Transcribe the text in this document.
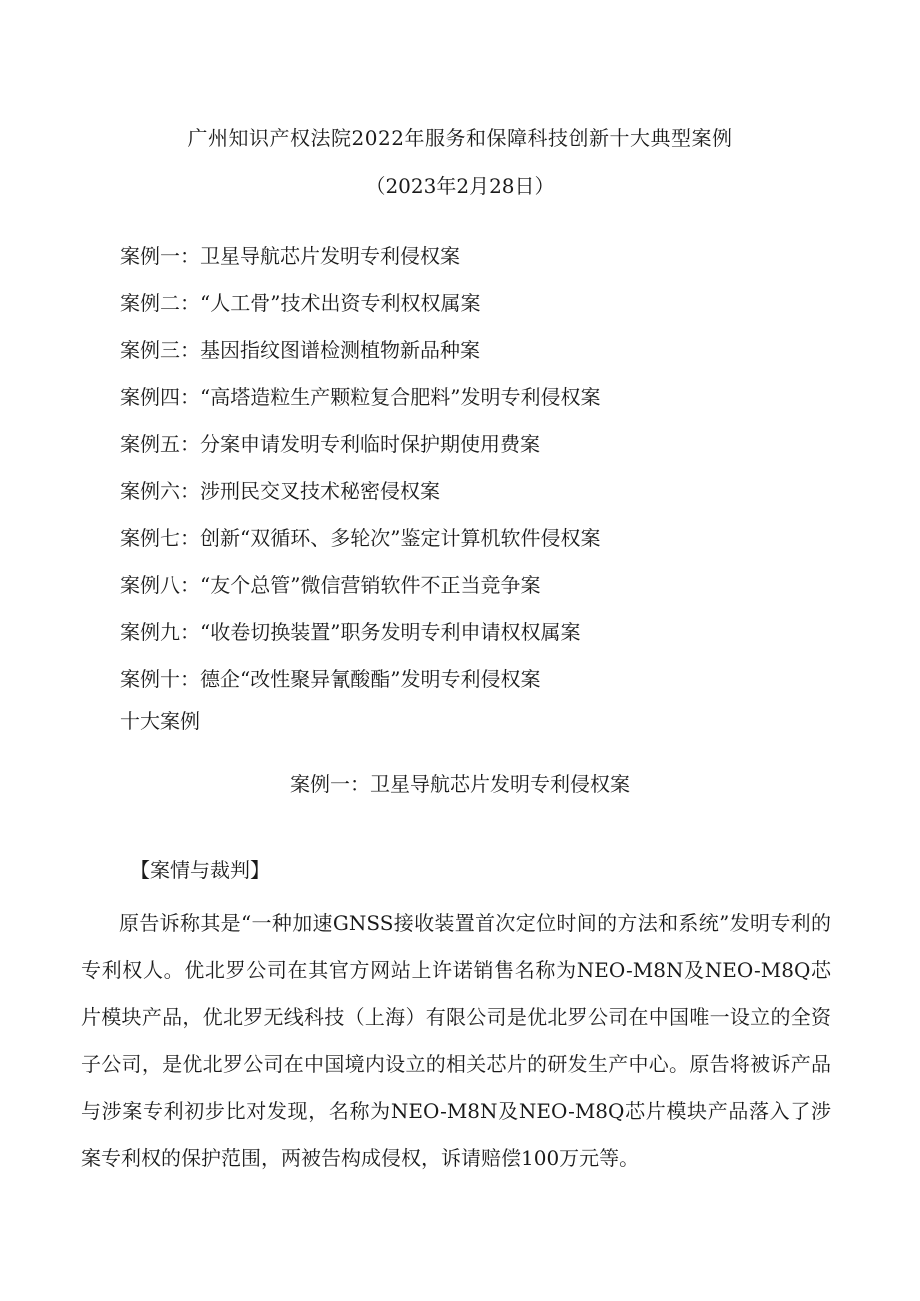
广州知识产权法院2022年服务和保障科技创新十大典型案例
（2023年2月28日）
案例一：卫星导航芯片发明专利侵权案
案例二：“人工骨”技术出资专利权权属案
案例三：基因指纹图谱检测植物新品种案
案例四：“高塔造粒生产颗粒复合肥料”发明专利侵权案
案例五：分案申请发明专利临时保护期使用费案
案例六：涉刑民交叉技术秘密侵权案
案例七：创新“双循环、多轮次”鉴定计算机软件侵权案
案例八：“友个总管”微信营销软件不正当竞争案
案例九：“收卷切换装置”职务发明专利申请权权属案
案例十：德企“改性聚异氰酸酯”发明专利侵权案
十大案例
案例一：卫星导航芯片发明专利侵权案
【案情与裁判】

原告诉称其是“一种加速GNSS接收装置首次定位时间的方法和系统”发明专利的专利权人。优北罗公司在其官方网站上许诺销售名称为NEO-M8N及NEO-M8Q芯片模块产品，优北罗无线科技（上海）有限公司是优北罗公司在中国唯一设立的全资子公司，是优北罗公司在中国境内设立的相关芯片的研发生产中心。原告将被诉产品与涉案专利初步比对发现，名称为NEO-M8N及NEO-M8Q芯片模块产品落入了涉案专利权的保护范围，两被告构成侵权，诉请赔偿100万元等。
